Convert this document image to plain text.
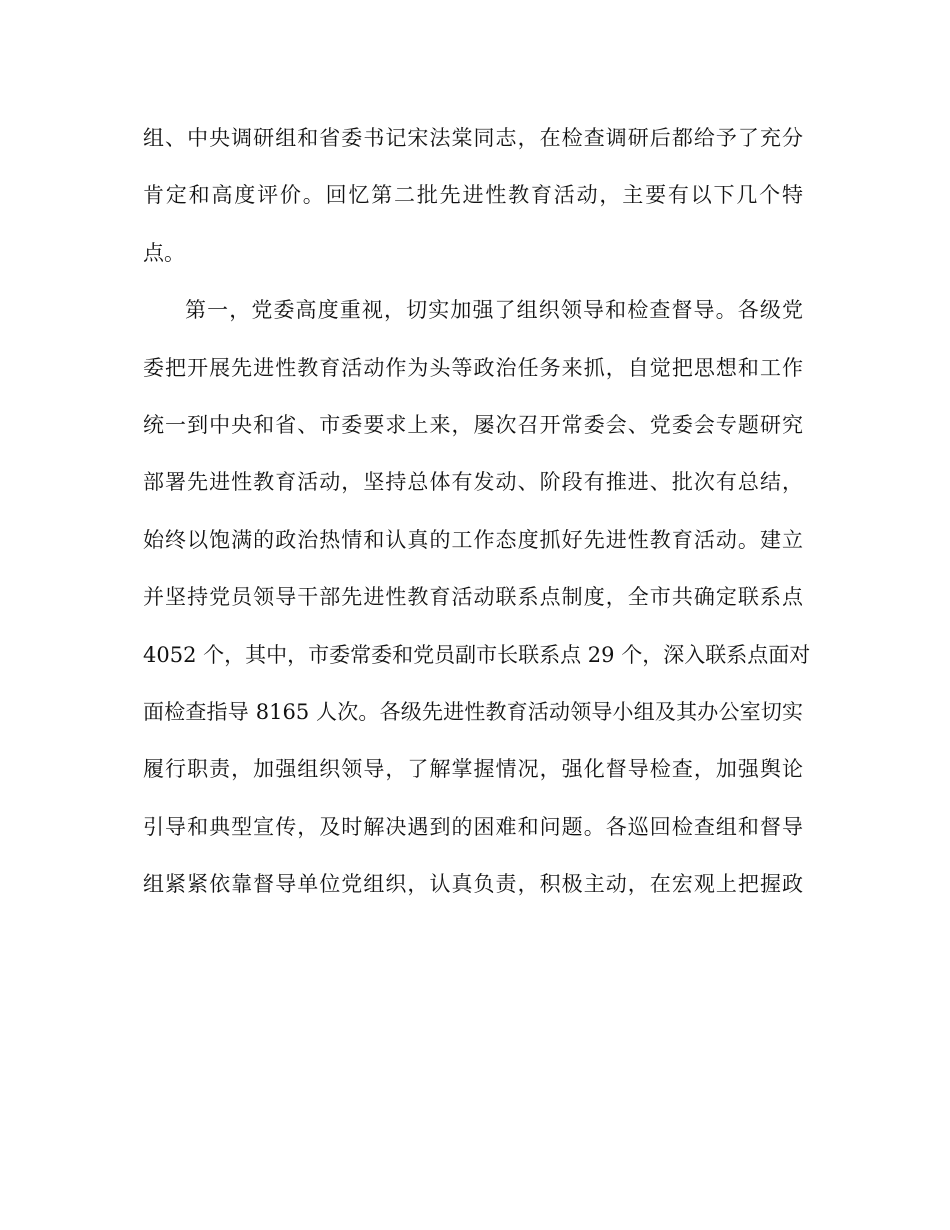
组、中央调研组和省委书记宋法棠同志，在检查调研后都给予了充分
肯定和高度评价。回忆第二批先进性教育活动，主要有以下几个特
点。
第一，党委高度重视，切实加强了组织领导和检查督导。各级党
委把开展先进性教育活动作为头等政治任务来抓，自觉把思想和工作
统一到中央和省、市委要求上来，屡次召开常委会、党委会专题研究
部署先进性教育活动，坚持总体有发动、阶段有推进、批次有总结，
始终以饱满的政治热情和认真的工作态度抓好先进性教育活动。建立
并坚持党员领导干部先进性教育活动联系点制度，全市共确定联系点
4052 个，其中，市委常委和党员副市长联系点 29 个，深入联系点面对
面检查指导 8165 人次。各级先进性教育活动领导小组及其办公室切实
履行职责，加强组织领导，了解掌握情况，强化督导检查，加强舆论
引导和典型宣传，及时解决遇到的困难和问题。各巡回检查组和督导
组紧紧依靠督导单位党组织，认真负责，积极主动，在宏观上把握政
